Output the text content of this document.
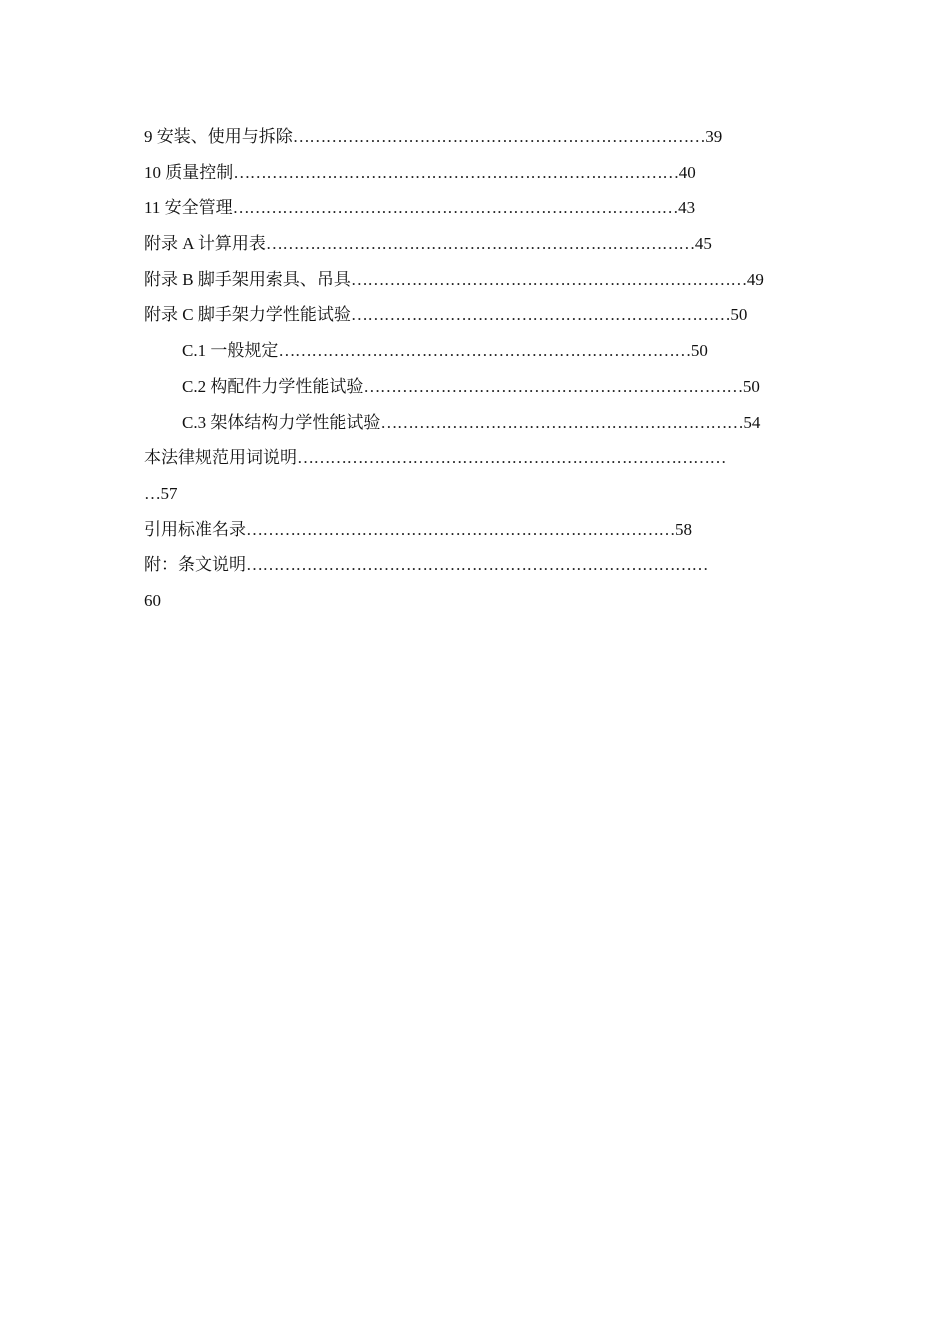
9 安装、使用与拆除…………………………………………………………………39
10 质量控制………………………………………………………………………40
11 安全管理………………………………………………………………………43
附录 A 计算用表……………………………………………………………………45
附录 B 脚手架用索具、吊具………………………………………………………………49
附录 C 脚手架力学性能试验……………………………………………………………50
C.1 一般规定…………………………………………………………………50
C.2 构配件力学性能试验……………………………………………………………50
C.3 架体结构力学性能试验…………………………………………………………54
本法律规范用词说明……………………………………………………………………
…57
引用标准名录……………………………………………………………………58
附：条文说明…………………………………………………………………………
60
